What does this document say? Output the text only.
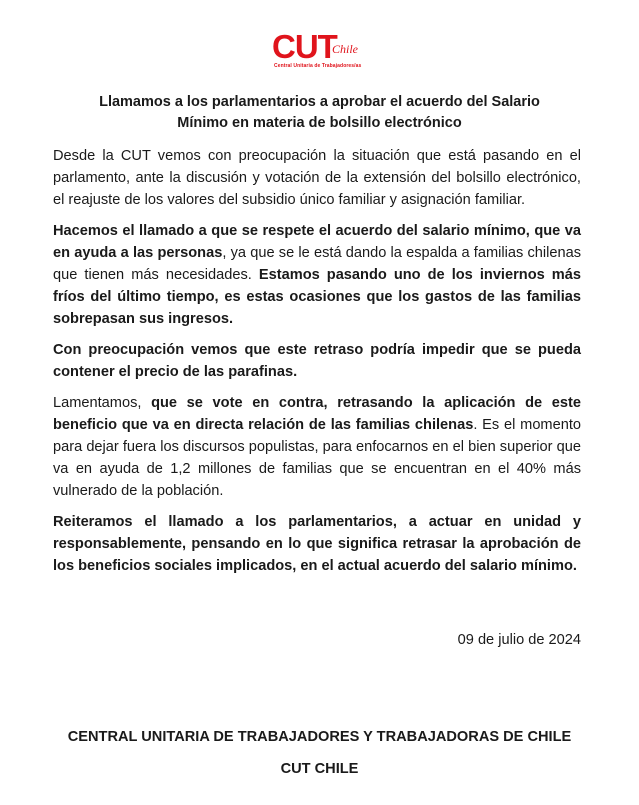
CUT
Chile
Central Unitaria de Trabajadores/as
Llamamos a los parlamentarios a aprobar el acuerdo del Salario
Mínimo en materia de bolsillo electrónico

Desde la CUT vemos con preocupación la situación que está pasando en el parlamento, ante la discusión y votación de la extensión del bolsillo electrónico, el reajuste de los valores del subsidio único familiar y asignación familiar.

Hacemos el llamado a que se respete el acuerdo del salario mínimo, que va en ayuda a las personas, ya que se le está dando la espalda a familias chilenas que tienen más necesidades. Estamos pasando uno de los inviernos más fríos del último tiempo, es estas ocasiones que los gastos de las familias sobrepasan sus ingresos.

Con preocupación vemos que este retraso podría impedir que se pueda contener el precio de las parafinas.

Lamentamos, que se vote en contra, retrasando la aplicación de este beneficio que va en directa relación de las familias chilenas. Es el momento para dejar fuera los discursos populistas, para enfocarnos en el bien superior que va en ayuda de 1,2 millones de familias que se encuentran en el 40% más vulnerado de la población.

Reiteramos el llamado a los parlamentarios, a actuar en unidad y responsablemente, pensando en lo que significa retrasar la aprobación de los beneficios sociales implicados, en el actual acuerdo del salario mínimo.

09 de julio de 2024
CENTRAL UNITARIA DE TRABAJADORES Y TRABAJADORAS DE CHILE
CUT CHILE
